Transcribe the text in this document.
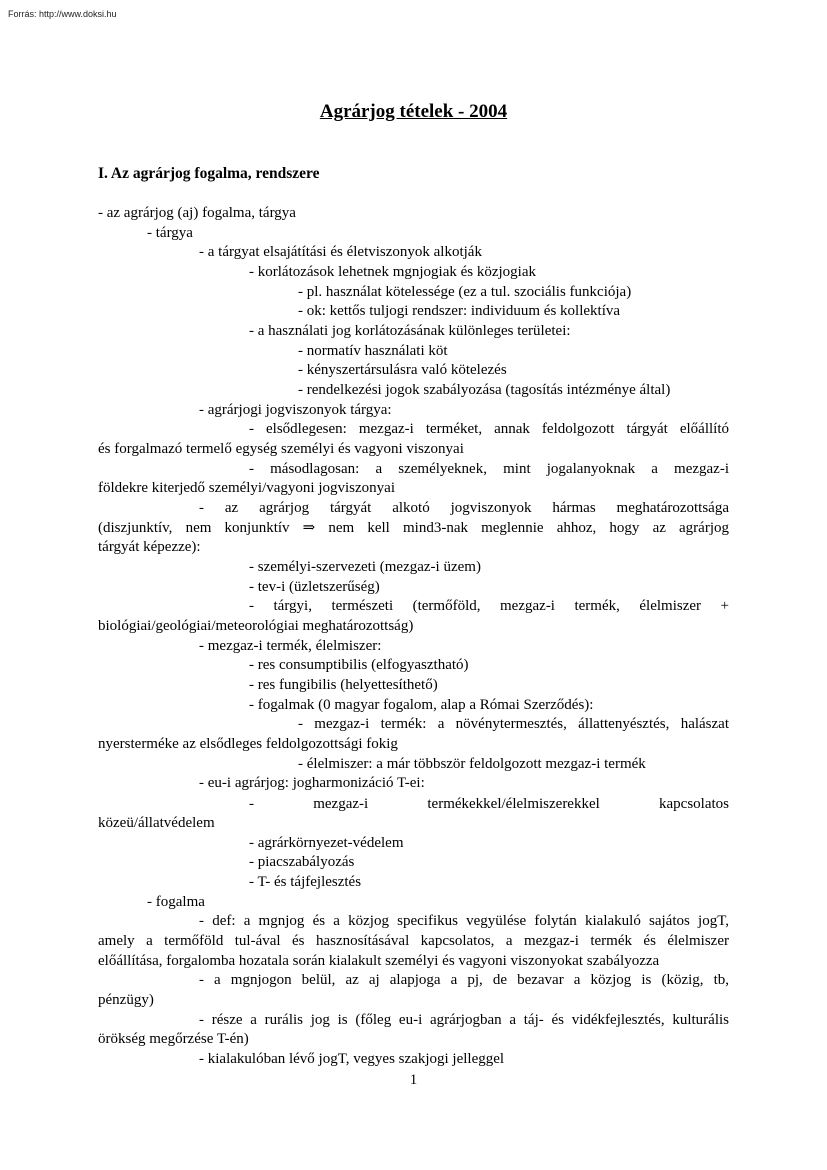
Forrás: http://www.doksi.hu
Agrárjog tételek - 2004
I. Az agrárjog fogalma, rendszere
- az agrárjog (aj) fogalma, tárgya
- tárgya
- a tárgyat elsajátítási és életviszonyok alkotják
- korlátozások lehetnek mgnjogiak és közjogiak
- pl. használat kötelessége (ez a tul. szociális funkciója)
- ok: kettős tuljogi rendszer: individuum és kollektíva
- a használati jog korlátozásának különleges területei:
- normatív használati köt
- kényszertársulásra való kötelezés
- rendelkezési jogok szabályozása (tagosítás intézménye által)
- agrárjogi jogviszonyok tárgya:
- elsődlegesen: mezgaz-i terméket, annak feldolgozott tárgyát előállító
és forgalmazó termelő egység személyi és vagyoni viszonyai
- másodlagosan: a személyeknek, mint jogalanyoknak a mezgaz-i
földekre kiterjedő személyi/vagyoni jogviszonyai
- az agrárjog tárgyát alkotó jogviszonyok hármas meghatározottsága
(diszjunktív, nem konjunktív ⇒ nem kell mind3-nak meglennie ahhoz, hogy az agrárjog
tárgyát képezze):
- személyi-szervezeti (mezgaz-i üzem)
- tev-i (üzletszerűség)
- tárgyi, természeti (termőföld, mezgaz-i termék, élelmiszer +
biológiai/geológiai/meteorológiai meghatározottság)
- mezgaz-i termék, élelmiszer:
- res consumptibilis (elfogyasztható)
- res fungibilis (helyettesíthető)
- fogalmak (0 magyar fogalom, alap a Római Szerződés):
- mezgaz-i termék: a növénytermesztés, állattenyésztés, halászat
nyersterméke az elsődleges feldolgozottsági fokig
- élelmiszer: a már többször feldolgozott mezgaz-i termék
- eu-i agrárjog: jogharmonizáció T-ei:
- mezgaz-i termékekkel/élelmiszerekkel kapcsolatos
közeü/állatvédelem
- agrárkörnyezet-védelem
- piacszabályozás
- T- és tájfejlesztés
- fogalma
- def: a mgnjog és a közjog specifikus vegyülése folytán kialakuló sajátos jogT,
amely a termőföld tul-ával és hasznosításával kapcsolatos, a mezgaz-i termék és élelmiszer
előállítása, forgalomba hozatala során kialakult személyi és vagyoni viszonyokat szabályozza
- a mgnjogon belül, az aj alapjoga a pj, de bezavar a közjog is (közig, tb,
pénzügy)
- része a rurális jog is (főleg eu-i agrárjogban a táj- és vidékfejlesztés, kulturális
örökség megőrzése T-én)
- kialakulóban lévő jogT, vegyes szakjogi jelleggel
1
